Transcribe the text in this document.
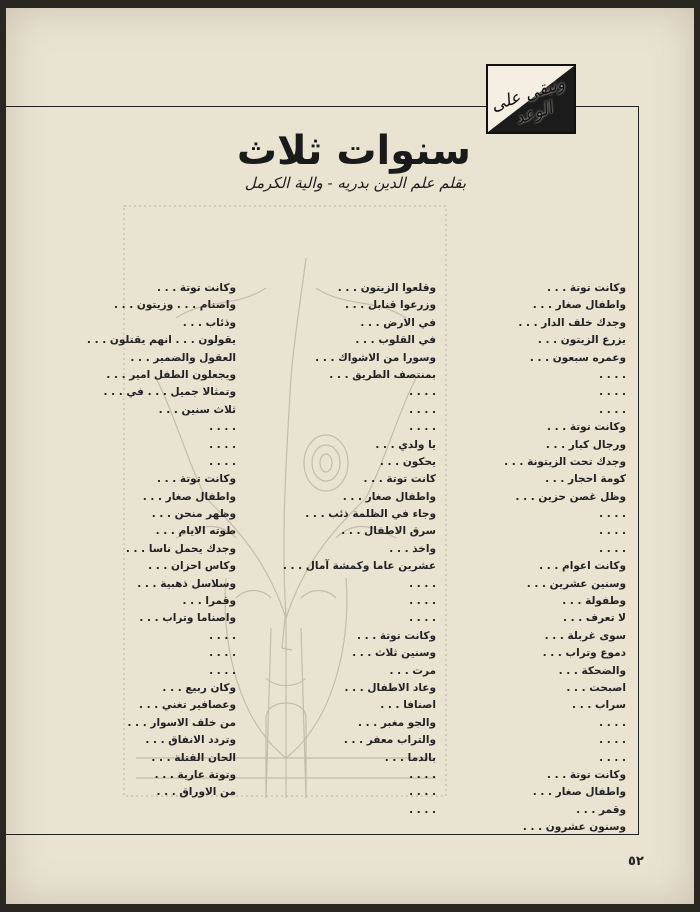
ونبقى على الوعد
سنوات ثلاث
بقلم علم الدين بدريه - والية الكرمل
وكانت توتة . . .
واطفال صغار . . .
وجدك خلف الدار . . .
يزرع الزيتون . . .
وعمره سبعون . . .
. . . .
. . . .
. . . .
وكانت توتة . . .
ورجال كبار . . .
وجدك تحت الزيتونة . . .
كومة احجار . . .
وظل غصن حزين . . .
. . . .
. . . .
. . . .
وكانت اعوام . . .
وسنين عشرين . . .
وطفولة . . .
لا تعرف . . .
سوى غربلة . . .
دموع وتراب . . .
والضحكة . . .
اصبحت . . .
سراب . . .
. . . .
. . . .
. . . .
وكانت توتة . . .
واطفال صغار . . .
وقمر . . .
وسنون عشرون . . .
وقلعوا الزيتون . . .
وزرعوا قنابل . . .
في الارض . . .
في القلوب . . .
وسورا من الاشواك . . .
بمنتصف الطريق . . .
. . . .
. . . .
. . . .
يا ولدي . . .
يحكون . . .
كانت توتة . . .
واطفال صغار . . .
وجاء في الظلمة ذئب . . .
سرق الاطفال . . .
واخذ . . .
عشرين عاما وكمشة آمال . . .
. . . .
. . . .
. . . .
وكانت توتة . . .
وسنين ثلاث . . .
مرت . . .
وعاد الاطفال . . .
اصنافا . . .
والجو مغبر . . .
والتراب معفر . . .
بالدما . . .
. . . .
. . . .
. . . .
وكانت توتة . . .
واصنام . . . وزيتون . . .
وذئاب . . .
يقولون . . . انهم يقتلون . . .
العقول والضمير . . .
ويجعلون الطفل امير . . .
وتمثالا جميل . . . في . . .
ثلاث سنين . . .
. . . .
. . . .
. . . .
وكانت توتة . . .
واطفال صغار . . .
وظهر منحن . . .
طوته الايام . . .
وجدك يحمل ناسا . . .
وكاس احزان . . .
وسلاسل ذهبية . . .
وقمرا . . .
واصناما وتراب . . .
. . . .
. . . .
. . . .
وكان ربيع . . .
وعصافير تغني . . .
من خلف الاسوار . . .
وتردد الانفاق . . .
الحان القتلة . . .
وتوتة عارية . . .
من الاوراق . . .
٥٢
